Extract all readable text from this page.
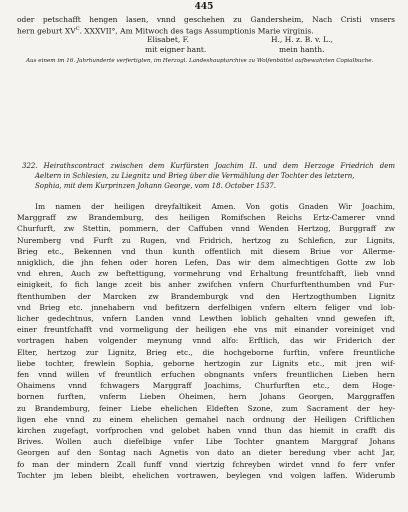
445
oder petschafft hengen lasen, vnnd geschehen zu Gandersheim, Nach Cristi vnsers
hern geburt $XV^C$. XXXVII°, Am Mitwoch des tags Assumptionis Marie virginis.
Elisabet, F.	H., H. z. B. v. L.,
mit eigner hant.	mein hanth.
Aus einem im 16. Jahrhunderte verfertigten, im Herzogl. Landeshauptarchive zu Wolfenbüttel aufbewahrten Copialbuche.
322. Heirathscontract zwischen dem Kurfürsten Joachim II. und dem Herzoge Friedrich dem
Aeltern in Schlesien, zu Liegnitz und Brieg über die Vermählung der Tochter des letztern,
Sophia, mit dem Kurprinzen Johann George, vom 18. October 1537.
Im namen der heiligen dreyfaltikeit Amen. Von gotis Gnaden Wir Joachim,
Marggraff zw Brandemburg, des heiligen Romifschen Reichs Ertz-Camerer vnnd
Churfurft, zw Stettin, pommern, der Caffuben vnnd Wenden Hertzog, Burggraff zw
Nuremberg vnd Furft zu Rugen, vnd Fridrich, hertzog zu Schleficn, zur Lignits,
Brieg etc., Bekennen vnd thun kunth offentlich mit diesem Briue vor Allerme-
nnigklich, die jhn fehen oder horen Lefen, Das wir dem almechtigen Gotte zw lob
vnd ehren, Auch zw beftettigung, vormehrung vnd Erhaltung freuntfchafft, lieb vnnd
einigkeit, fo fich lange zceit bis anher zwifchen vnfern Churfurftenthumben vnd Fur-
ftenthumben der Marcken zw Brandemburgk vnd den Hertzogthumben Lignitz
vnd Brieg etc. jnnehabern vnd befitzern derfelbigen vnfern eltern feliger vnd lob-
licher gedechtnus, vnfern Landen vnnd Lewthen loblich gehalten vnnd gewefen ift,
einer freuntfchafft vnd vormeligung der heiligen ehe vns mit einander voreiniget vnd
vortragen haben volgender meynung vnnd alfo: Erftlich, das wir Friderich der
Elter, hertzog zur Lignitz, Brieg etc., die hochgeborne furftin, vnfere freuntliche
liebe tochter, frewlein Sophia, geborne hertzogin zur Lignits etc., mit jren wif-
fen vnnd willen vf freuntlich erfuchen obngnants vnfers freuntlichen Lieben hern
Ohaimens vnnd fchwagers Marggraff Joachims, Churfurften etc., dem Hoge-
bornen furften, vnferm Lieben Oheimen, hern Johans Georgen, Marggraffen
zu Brandemburg, feiner Liebe ehelichen Eldeften Szone, zum Sacrament der hey-
ligen ehe vnnd zu einem ehelichen gemahel nach ordnung der Heiligen Criftlichen
kirchen zugefagt, vorfprochen vnd gelobet haben vnnd thun das hiemit in crafft dis
Brives. Wollen auch diefelbige vnfer Libe Tochter gnantem Marggraf Johans
Georgen auf den Sontag nach Agnetis von dato an dieter beredung vber acht Jar,
fo man der mindern Zcall funff vnnd viertzig fchreyben wirdet vnnd fo ferr vnfer
Tochter jm leben bleibt, ehelichen vortrawen, beylegen vnd volgen laffen. Widerumb
